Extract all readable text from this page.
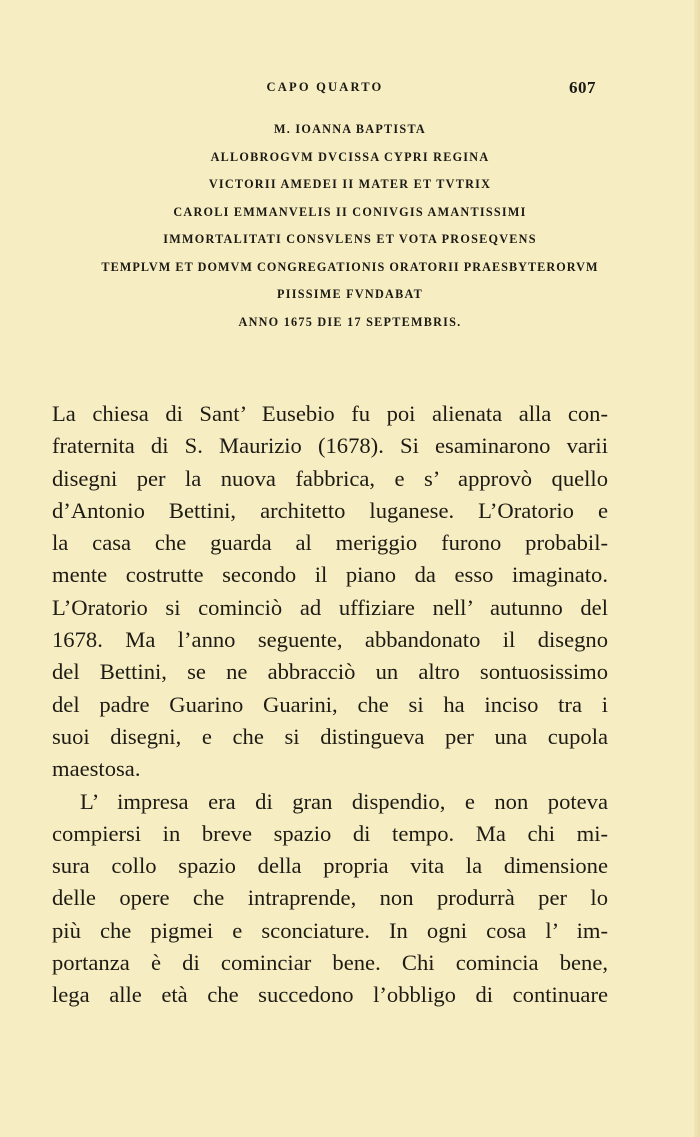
CAPO QUARTO	607
M. IOANNA BAPTISTA
ALLOBROGVM DVCISSA CYPRI REGINA
VICTORII AMEDEI II MATER ET TVTRIX
CAROLI EMMANVELIS II CONIVGIS AMANTISSIMI
IMMORTALITATI CONSVLENS ET VOTA PROSEQVENS
TEMPLVM ET DOMVM CONGREGATIONIS ORATORII PRAESBYTERORVM
PIISSIME FVNDABAT
ANNO 1675 DIE 17 SEPTEMBRIS.

La chiesa di Sant’ Eusebio fu poi alienata alla con-
fraternita di S. Maurizio (1678). Si esaminarono varii
disegni per la nuova fabbrica, e s’ approvò quello
d’Antonio Bettini, architetto luganese. L’Oratorio e
la casa che guarda al meriggio furono probabil-
mente costrutte secondo il piano da esso imaginato.
L’Oratorio si cominciò ad uffiziare nell’ autunno del
1678. Ma l’anno seguente, abbandonato il disegno
del Bettini, se ne abbracciò un altro sontuosissimo
del padre Guarino Guarini, che si ha inciso tra i
suoi disegni, e che si distingueva per una cupola
maestosa.

L’ impresa era di gran dispendio, e non poteva
compiersi in breve spazio di tempo. Ma chi mi-
sura collo spazio della propria vita la dimensione
delle opere che intraprende, non produrrà per lo
più che pigmei e sconciature. In ogni cosa l’ im-
portanza è di cominciar bene. Chi comincia bene,
lega alle età che succedono l’obbligo di continuare
